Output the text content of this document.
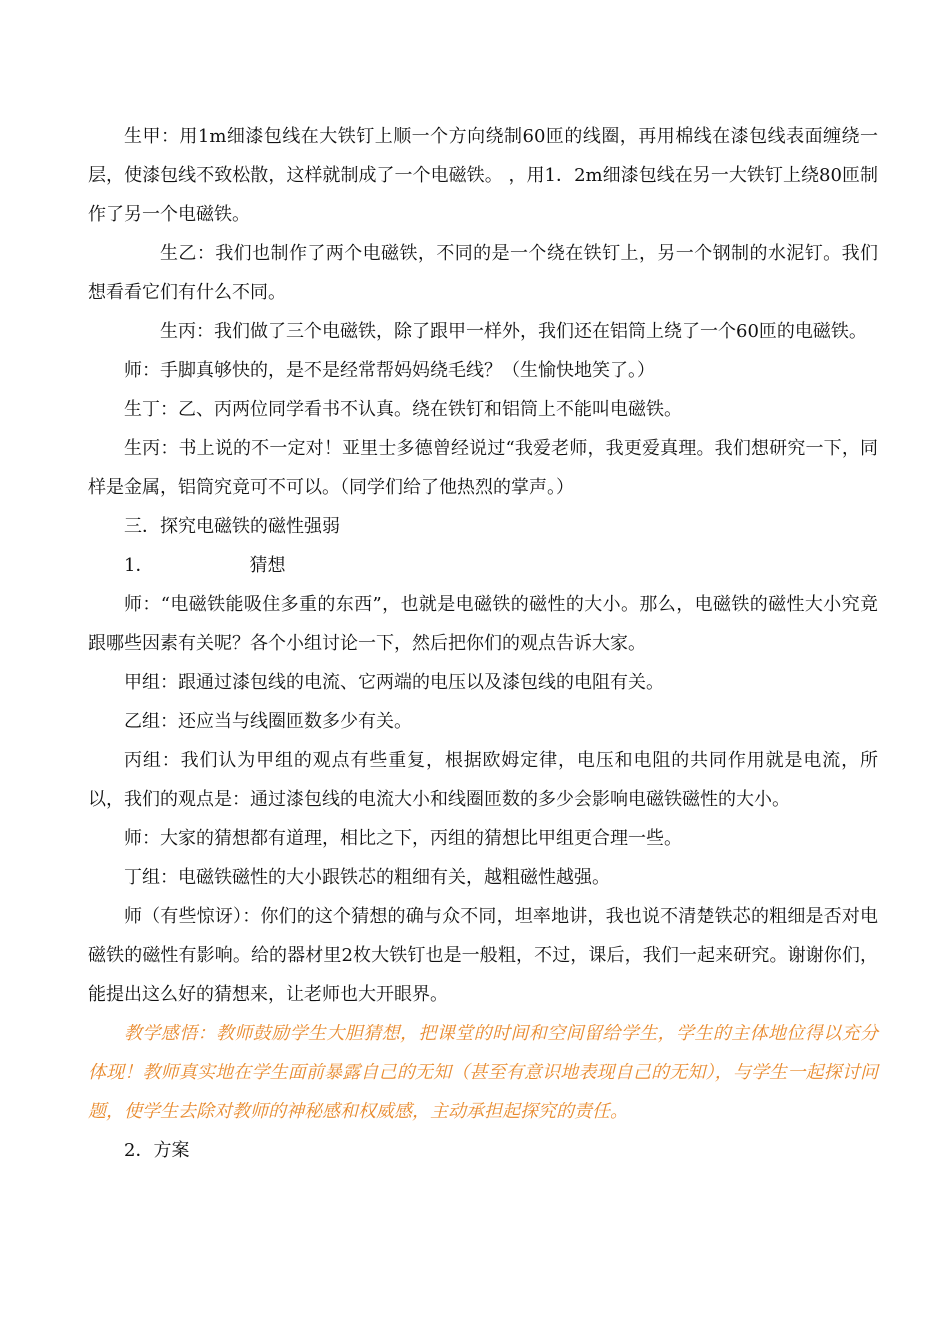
生甲：用1m细漆包线在大铁钉上顺一个方向绕制60匝的线圈，再用棉线在漆包线表面缠绕一层，使漆包线不致松散，这样就制成了一个电磁铁。 ，用1．2m细漆包线在另一大铁钉上绕80匝制作了另一个电磁铁。

生乙：我们也制作了两个电磁铁，不同的是一个绕在铁钉上，另一个钢制的水泥钉。我们想看看它们有什么不同。

生丙：我们做了三个电磁铁，除了跟甲一样外，我们还在铝筒上绕了一个60匝的电磁铁。

师：手脚真够快的，是不是经常帮妈妈绕毛线？（生愉快地笑了。）

生丁：乙、丙两位同学看书不认真。绕在铁钉和铝筒上不能叫电磁铁。

生丙：书上说的不一定对！亚里士多德曾经说过“我爱老师，我更爱真理。我们想研究一下，同样是金属，铝筒究竟可不可以。（同学们给了他热烈的掌声。）

三．探究电磁铁的磁性强弱

1．	猜想

师：“电磁铁能吸住多重的东西”，也就是电磁铁的磁性的大小。那么，电磁铁的磁性大小究竟跟哪些因素有关呢？各个小组讨论一下，然后把你们的观点告诉大家。

甲组：跟通过漆包线的电流、它两端的电压以及漆包线的电阻有关。

乙组：还应当与线圈匝数多少有关。

丙组：我们认为甲组的观点有些重复，根据欧姆定律，电压和电阻的共同作用就是电流，所以，我们的观点是：通过漆包线的电流大小和线圈匝数的多少会影响电磁铁磁性的大小。

师：大家的猜想都有道理，相比之下，丙组的猜想比甲组更合理一些。

丁组：电磁铁磁性的大小跟铁芯的粗细有关，越粗磁性越强。

师（有些惊讶）：你们的这个猜想的确与众不同，坦率地讲，我也说不清楚铁芯的粗细是否对电磁铁的磁性有影响。给的器材里2枚大铁钉也是一般粗，不过，课后，我们一起来研究。谢谢你们，能提出这么好的猜想来，让老师也大开眼界。

教学感悟：教师鼓励学生大胆猜想，把课堂的时间和空间留给学生，学生的主体地位得以充分体现！教师真实地在学生面前暴露自己的无知（甚至有意识地表现自己的无知），与学生一起探讨问题，使学生去除对教师的神秘感和权威感，主动承担起探究的责任。

2．方案
